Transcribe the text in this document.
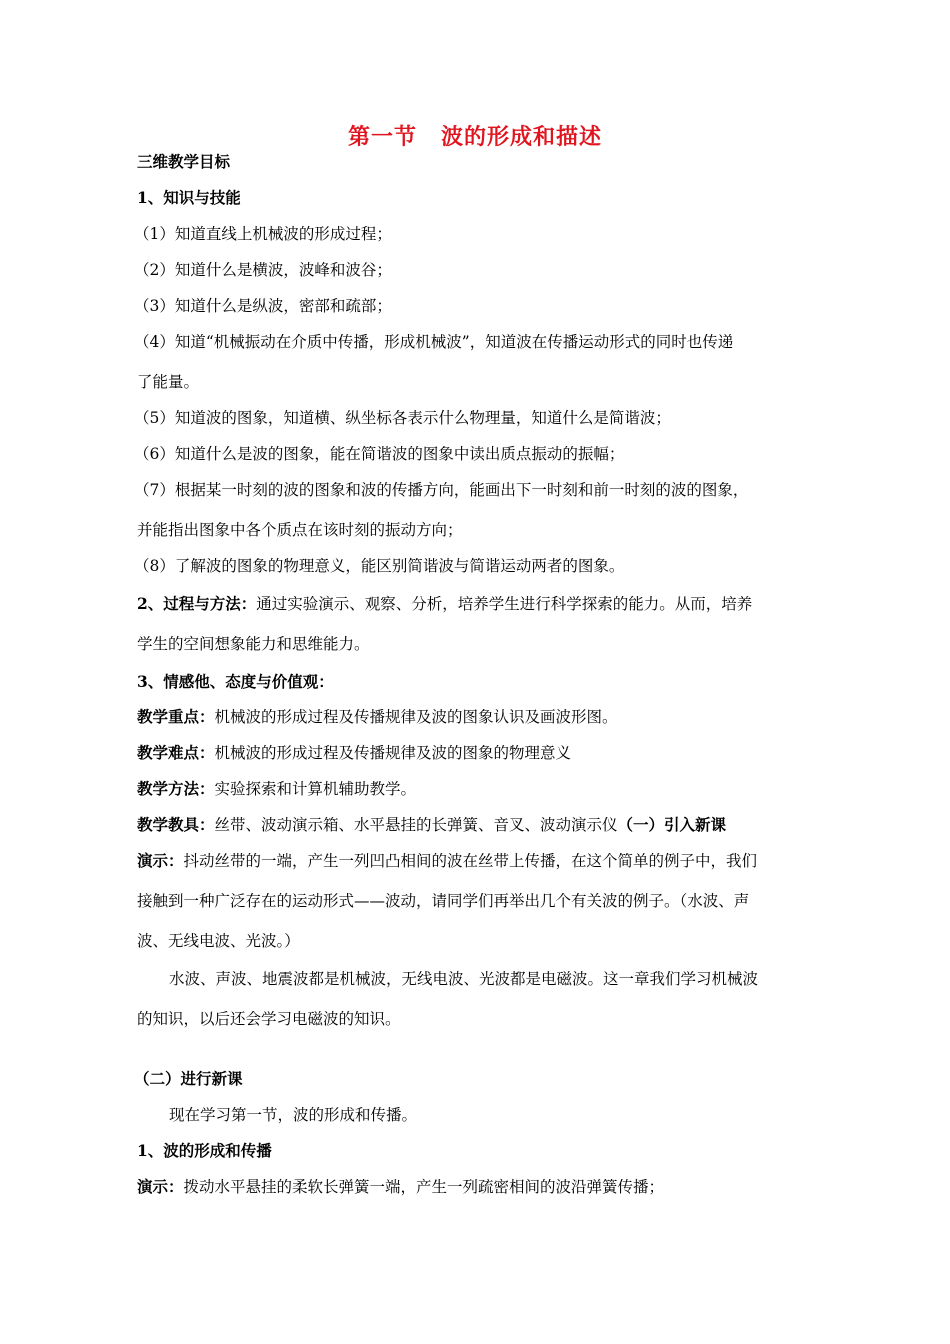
第一节 波的形成和描述
三维教学目标
1、知识与技能
（1）知道直线上机械波的形成过程；
（2）知道什么是横波，波峰和波谷；
（3）知道什么是纵波，密部和疏部；
（4）知道“机械振动在介质中传播，形成机械波”，知道波在传播运动形式的同时也传递
了能量。
（5）知道波的图象，知道横、纵坐标各表示什么物理量，知道什么是简谐波；
（6）知道什么是波的图象，能在简谐波的图象中读出质点振动的振幅；
（7）根据某一时刻的波的图象和波的传播方向，能画出下一时刻和前一时刻的波的图象，
并能指出图象中各个质点在该时刻的振动方向；
（8）了解波的图象的物理意义，能区别简谐波与简谐运动两者的图象。
2、过程与方法：通过实验演示、观察、分析，培养学生进行科学探索的能力。从而，培养
学生的空间想象能力和思维能力。
3、情感他、态度与价值观：
教学重点：机械波的形成过程及传播规律及波的图象认识及画波形图。
教学难点：机械波的形成过程及传播规律及波的图象的物理意义
教学方法：实验探索和计算机辅助教学。
教学教具：丝带、波动演示箱、水平悬挂的长弹簧、音叉、波动演示仪（一）引入新课
演示：抖动丝带的一端，产生一列凹凸相间的波在丝带上传播，在这个简单的例子中，我们
接触到一种广泛存在的运动形式——波动，请同学们再举出几个有关波的例子。（水波、声
波、无线电波、光波。）
水波、声波、地震波都是机械波，无线电波、光波都是电磁波。这一章我们学习机械波
的知识，以后还会学习电磁波的知识。
（二）进行新课
现在学习第一节，波的形成和传播。
1、波的形成和传播
演示：拨动水平悬挂的柔软长弹簧一端，产生一列疏密相间的波沿弹簧传播；
